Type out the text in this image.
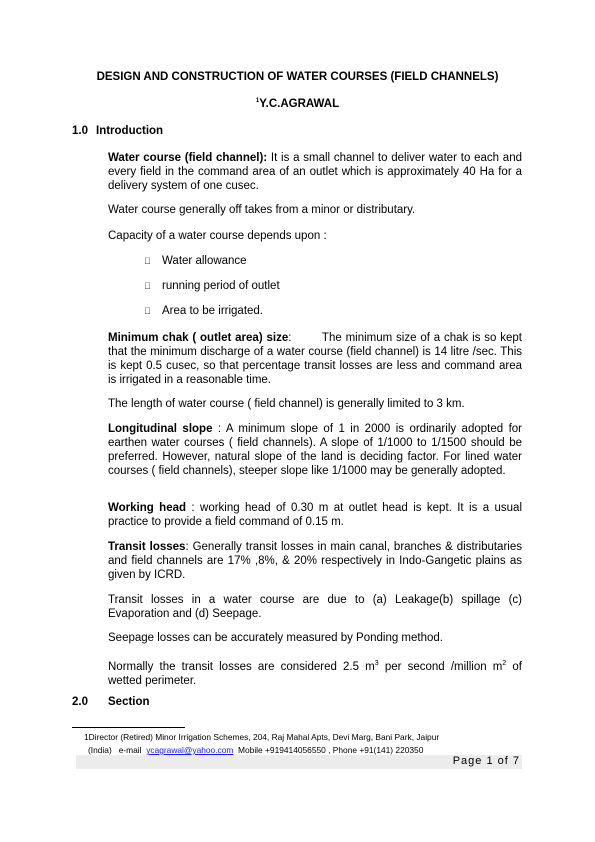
DESIGN AND CONSTRUCTION OF WATER COURSES (FIELD CHANNELS)
$^1$Y.C.AGRAWAL
1.0 Introduction
Water course (field channel): It is a small channel to deliver water to each and every field in the command area of an outlet which is approximately 40 Ha for a delivery system of one cusec.
Water course generally off takes from a minor or distributary.
Capacity of a water course depends upon :
Water allowance
running period of outlet
Area to be irrigated.
Minimum chak ( outlet area) size:        The minimum size of a chak is so kept that the minimum discharge of a water course (field channel) is 14 litre /sec. This is kept 0.5 cusec, so that percentage transit losses are less and command area is irrigated in a reasonable time.
The length of water course ( field channel) is generally limited to 3 km.
Longitudinal slope : A minimum slope of 1 in 2000 is ordinarily adopted for earthen water courses ( field channels). A slope of 1/1000 to 1/1500 should be preferred. However, natural slope of the land is deciding factor. For lined water courses ( field channels), steeper slope like 1/1000 may be generally adopted.
Working head : working head of 0.30 m at outlet head is kept. It is a usual practice to provide a field command of 0.15 m.
Transit losses: Generally transit losses in main canal, branches & distributaries and field channels are 17% ,8%, & 20% respectively in Indo-Gangetic plains as given by ICRD.
Transit losses in a water course are due to (a) Leakage(b) spillage (c) Evaporation and (d) Seepage.
Seepage losses can be accurately measured by Ponding method.
Normally the transit losses are considered 2.5 $m^3$ per second /million $m^2$ of wetted perimeter.
2.0 Section
1Director (Retired) Minor Irrigation Schemes, 204, Raj Mahal Apts, Devi Marg, Bani Park, Jaipur
(India)   e-mail  ycagrawal@yahoo.com  Mobile +919414056550 , Phone +91(141) 220350
Page 1 of 7
